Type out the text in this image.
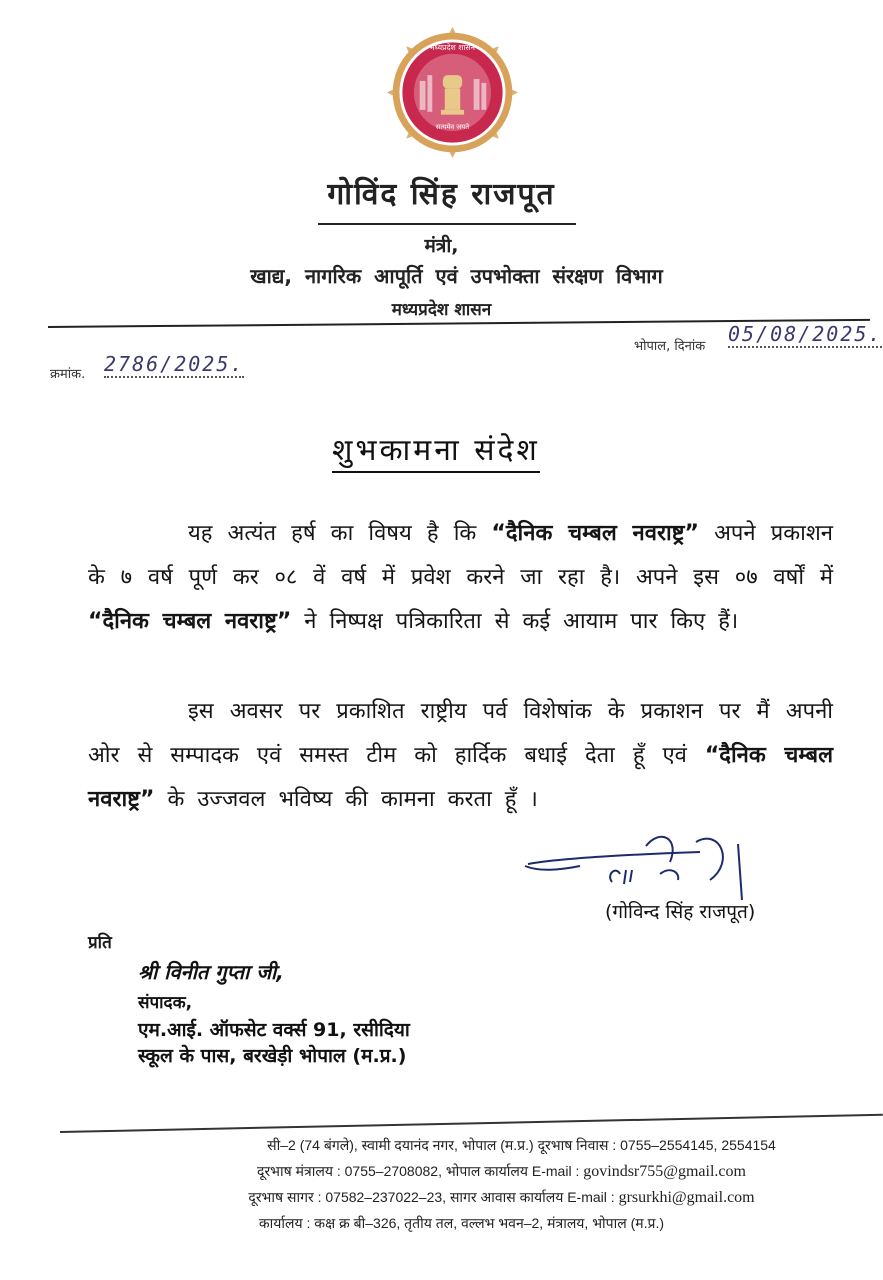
मध्यप्रदेश शासन
सत्यमेव जयते
गोविंद सिंह राजपूत
मंत्री,
खाद्य, नागरिक आपूर्ति एवं उपभोक्ता संरक्षण विभाग
मध्यप्रदेश शासन
क्रमांक. 2786/2025.
भोपाल, दिनांक
05/08/2025.
शुभकामना संदेश
यह अत्यंत हर्ष का विषय है कि “दैनिक चम्बल नवराष्ट्र” अपने प्रकाशन के ७ वर्ष पूर्ण कर ०८ वें वर्ष में प्रवेश करने जा रहा है। अपने इस ०७ वर्षों में “दैनिक चम्बल नवराष्ट्र” ने निष्पक्ष पत्रिकारिता से कई आयाम पार किए हैं।
इस अवसर पर प्रकाशित राष्ट्रीय पर्व विशेषांक के प्रकाशन पर मैं अपनी ओर से सम्पादक एवं समस्त टीम को हार्दिक बधाई देता हूँ एवं “दैनिक चम्बल नवराष्ट्र” के उज्जवल भविष्य की कामना करता हूँ ।
(गोविन्द सिंह राजपूत)
प्रति
श्री विनीत गुप्ता जी,
संपादक,
एम.आई. ऑफसेट वर्क्स 91, रसीदिया
स्कूल के पास, बरखेड़ी भोपाल (म.प्र.)
सी–2 (74 बंगले), स्वामी दयानंद नगर, भोपाल (म.प्र.) दूरभाष निवास : 0755–2554145, 2554154
दूरभाष मंत्रालय : 0755–2708082, भोपाल कार्यालय E-mail : govindsr755@gmail.com
दूरभाष सागर : 07582–237022–23, सागर आवास कार्यालय E-mail : grsurkhi@gmail.com
कार्यालय : कक्ष क्र बी–326, तृतीय तल, वल्लभ भवन–2, मंत्रालय, भोपाल (म.प्र.)
